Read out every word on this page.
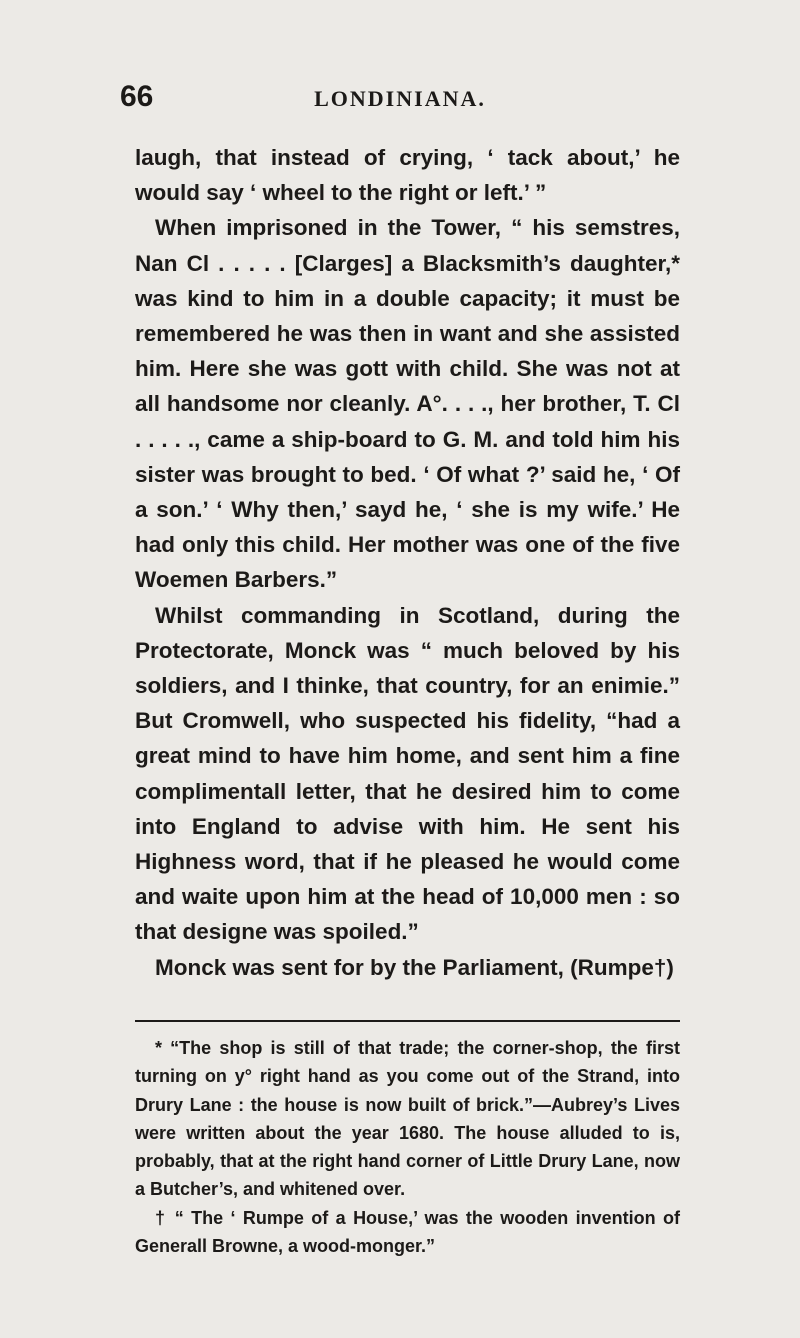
66	LONDINIANA.

laugh, that instead of crying, ‘ tack about,’ he would say ‘ wheel to the right or left.’ ”

When imprisoned in the Tower, “ his semstres, Nan Cl . . . . . [Clarges] a Blacksmith’s daughter,* was kind to him in a double capacity; it must be remembered he was then in want and she assisted him. Here she was gott with child. She was not at all handsome nor cleanly. A°. . . ., her brother, T. Cl . . . . ., came a ship-board to G. M. and told him his sister was brought to bed. ‘ Of what ?’ said he, ‘ Of a son.’ ‘ Why then,’ sayd he, ‘ she is my wife.’ He had only this child. Her mother was one of the five Woemen Barbers.”

Whilst commanding in Scotland, during the Protectorate, Monck was “ much beloved by his soldiers, and I thinke, that country, for an enimie.” But Cromwell, who suspected his fidelity, “had a great mind to have him home, and sent him a fine complimentall letter, that he desired him to come into England to advise with him. He sent his Highness word, that if he pleased he would come and waite upon him at the head of 10,000 men : so that designe was spoiled.”

Monck was sent for by the Parliament, (Rumpe†)

* “The shop is still of that trade; the corner-shop, the first turning on y° right hand as you come out of the Strand, into Drury Lane : the house is now built of brick.”—Aubrey’s Lives were written about the year 1680. The house alluded to is, probably, that at the right hand corner of Little Drury Lane, now a Butcher’s, and whitened over.

† “ The ‘ Rumpe of a House,’ was the wooden invention of Generall Browne, a wood-monger.”
